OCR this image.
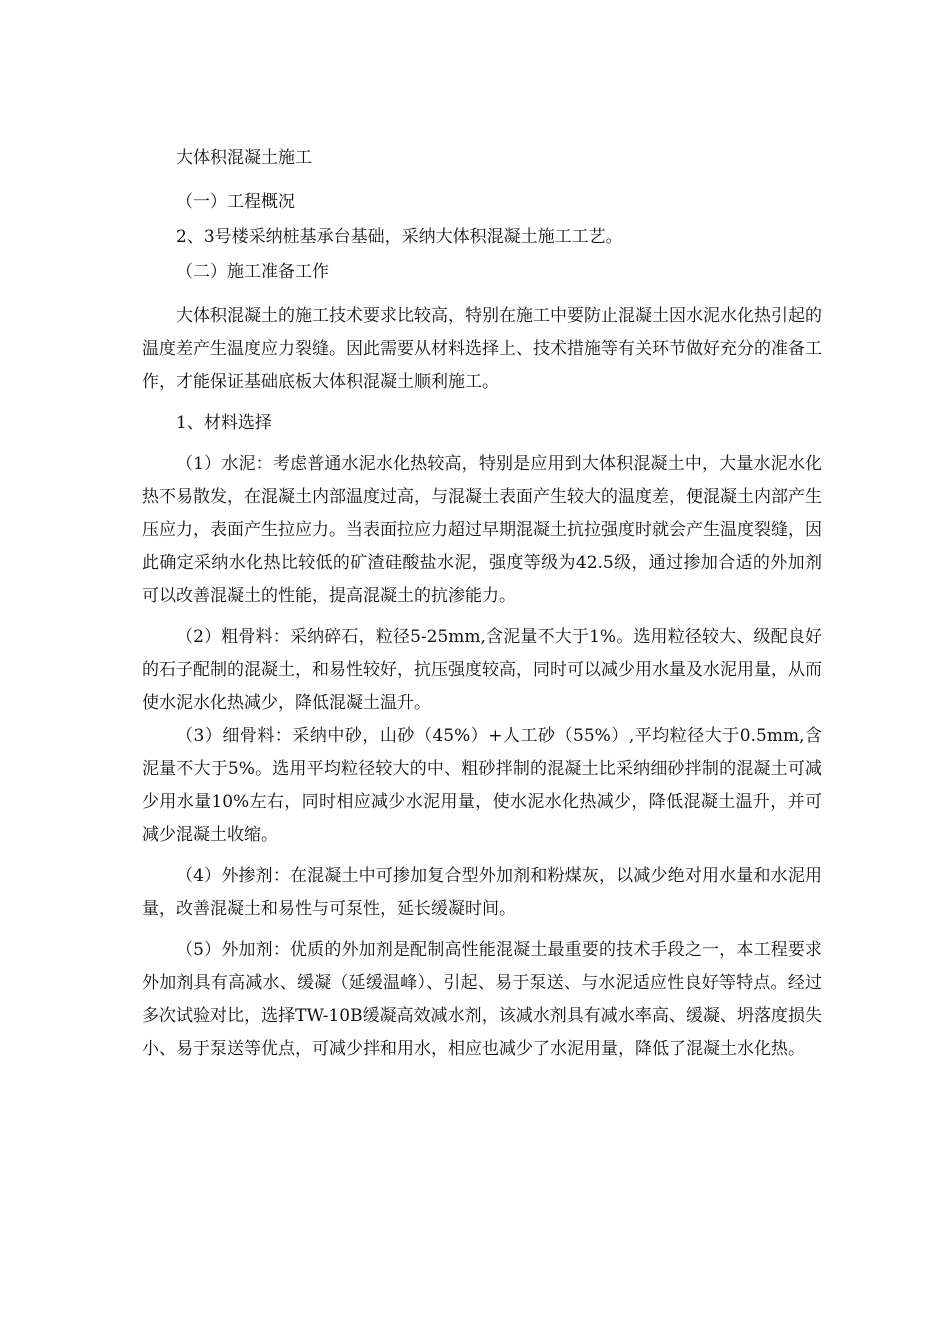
大体积混凝土施工

（一）工程概况

2、3号楼采纳桩基承台基础，采纳大体积混凝土施工工艺。

（二）施工准备工作

大体积混凝土的施工技术要求比较高，特别在施工中要防止混凝土因水泥水化热引起的温度差产生温度应力裂缝。因此需要从材料选择上、技术措施等有关环节做好充分的准备工作，才能保证基础底板大体积混凝土顺利施工。

1、材料选择

（1）水泥：考虑普通水泥水化热较高，特别是应用到大体积混凝土中，大量水泥水化热不易散发，在混凝土内部温度过高，与混凝土表面产生较大的温度差，便混凝土内部产生压应力，表面产生拉应力。当表面拉应力超过早期混凝土抗拉强度时就会产生温度裂缝，因此确定采纳水化热比较低的矿渣硅酸盐水泥，强度等级为42.5级，通过掺加合适的外加剂可以改善混凝土的性能，提高混凝土的抗渗能力。

（2）粗骨料：采纳碎石，粒径5-25mm,含泥量不大于1%。选用粒径较大、级配良好的石子配制的混凝土，和易性较好，抗压强度较高，同时可以减少用水量及水泥用量，从而使水泥水化热减少，降低混凝土温升。

（3）细骨料：采纳中砂，山砂（45%）+人工砂（55%）,平均粒径大于0.5mm,含泥量不大于5%。选用平均粒径较大的中、粗砂拌制的混凝土比采纳细砂拌制的混凝土可减少用水量10%左右，同时相应减少水泥用量，使水泥水化热减少，降低混凝土温升，并可减少混凝土收缩。

（4）外掺剂：在混凝土中可掺加复合型外加剂和粉煤灰，以减少绝对用水量和水泥用量，改善混凝土和易性与可泵性，延长缓凝时间。

（5）外加剂：优质的外加剂是配制高性能混凝土最重要的技术手段之一，本工程要求外加剂具有高减水、缓凝（延缓温峰）、引起、易于泵送、与水泥适应性良好等特点。经过多次试验对比，选择TW-10B缓凝高效减水剂，该减水剂具有减水率高、缓凝、坍落度损失小、易于泵送等优点，可减少拌和用水，相应也减少了水泥用量，降低了混凝土水化热。
